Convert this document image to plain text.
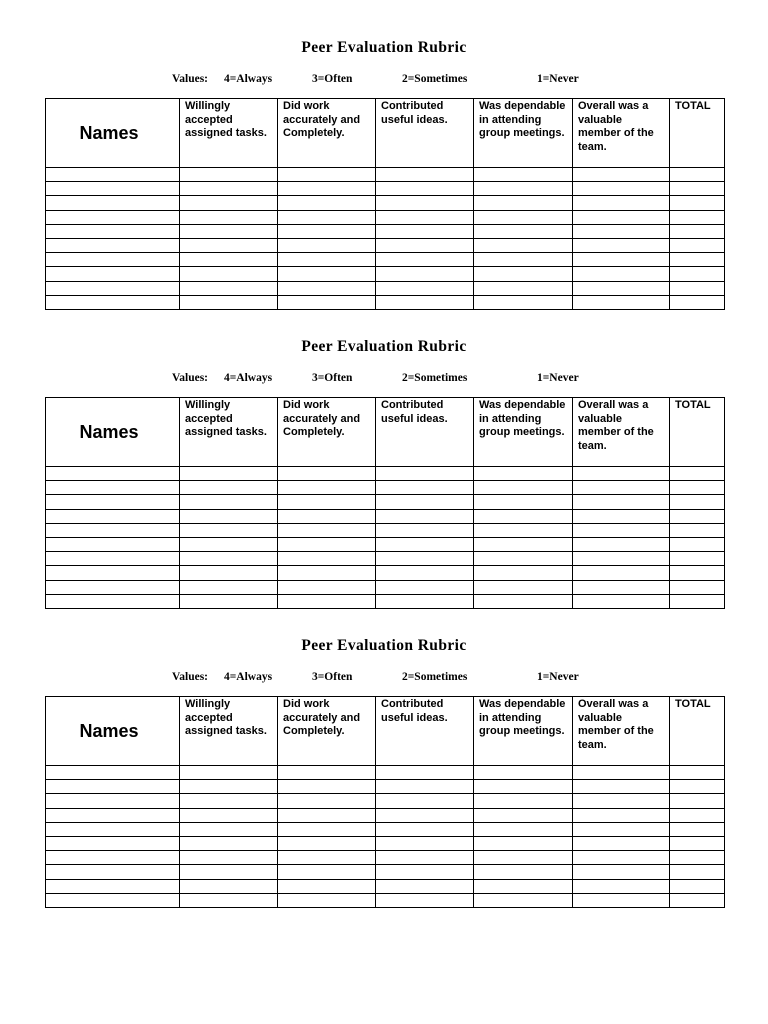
Peer Evaluation Rubric
Values: 4=Always	3=Often	2=Sometimes	1=Never
Names	Willingly accepted assigned tasks.	Did work accurately and Completely.	Contributed useful ideas.	Was dependable in attending group meetings.	Overall was a valuable member of the team.	TOTAL

Peer Evaluation Rubric
Values: 4=Always	3=Often	2=Sometimes	1=Never
Names	Willingly accepted assigned tasks.	Did work accurately and Completely.	Contributed useful ideas.	Was dependable in attending group meetings.	Overall was a valuable member of the team.	TOTAL

Peer Evaluation Rubric
Values: 4=Always	3=Often	2=Sometimes	1=Never
Names	Willingly accepted assigned tasks.	Did work accurately and Completely.	Contributed useful ideas.	Was dependable in attending group meetings.	Overall was a valuable member of the team.	TOTAL
